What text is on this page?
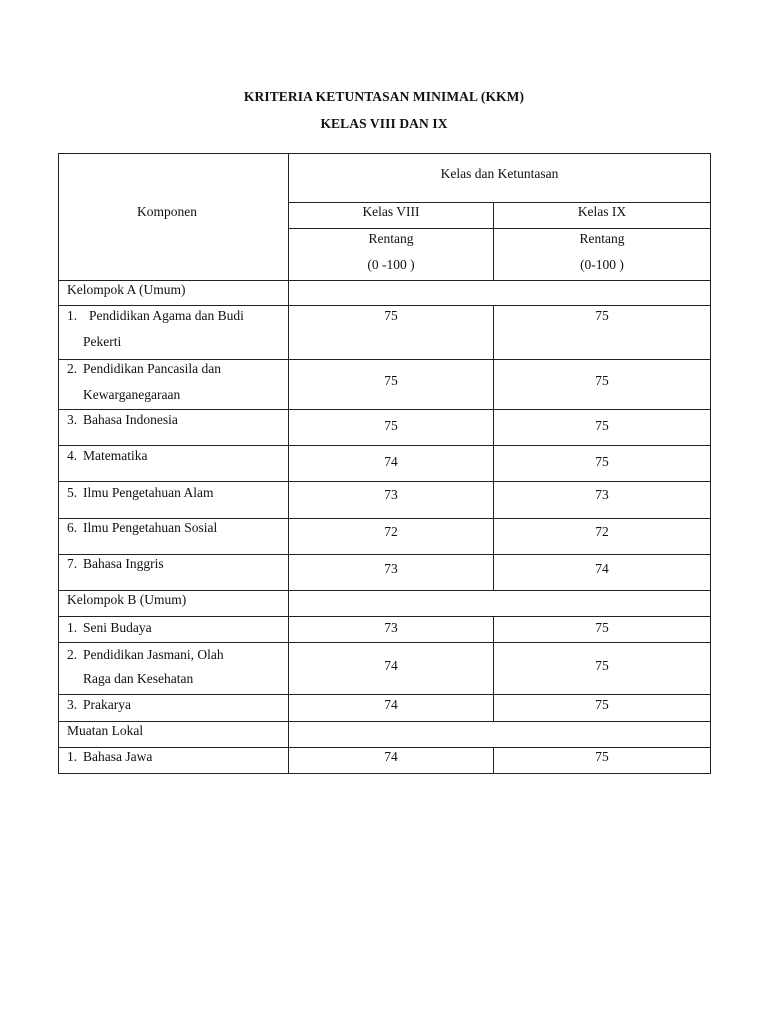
KRITERIA KETUNTASAN MINIMAL (KKM)
KELAS VIII DAN IX
Komponen
Kelas dan Ketuntasan
Kelas VIII	Kelas IX
Rentang
(0 -100 )
Rentang
(0-100 )
Kelompok A (Umum)
1. Pendidikan Agama dan Budi
Pekerti
75	75
2. Pendidikan Pancasila dan
Kewarganegaraan
75	75
3. Bahasa Indonesia	75	75
4. Matematika	74	75
5. Ilmu Pengetahuan Alam	73	73
6. Ilmu Pengetahuan Sosial	72	72
7. Bahasa Inggris	73	74
Kelompok B (Umum)
1. Seni Budaya	73	75
2. Pendidikan Jasmani, Olah
Raga dan Kesehatan
74	75
3. Prakarya	74	75
Muatan Lokal
1. Bahasa Jawa	74	75
